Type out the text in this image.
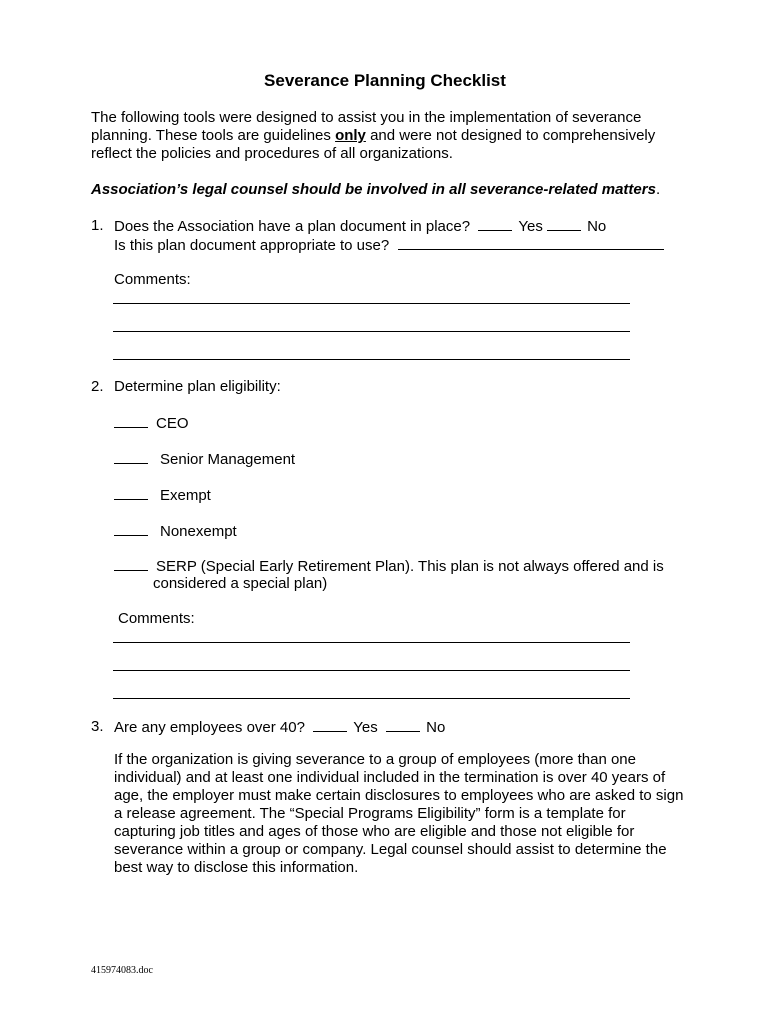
Severance Planning Checklist
The following tools were designed to assist you in the implementation of severance planning. These tools are guidelines only and were not designed to comprehensively reflect the policies and procedures of all organizations.
Association’s legal counsel should be involved in all severance-related matters.
1. Does the Association have a plan document in place?	Yes	No
Is this plan document appropriate to use?
Comments:
2. Determine plan eligibility:
CEO
Senior Management
Exempt
Nonexempt
SERP (Special Early Retirement Plan). This plan is not always offered and is
considered a special plan)
Comments:
3. Are any employees over 40?	Yes	No
If the organization is giving severance to a group of employees (more than one individual) and at least one individual included in the termination is over 40 years of age, the employer must make certain disclosures to employees who are asked to sign a release agreement. The “Special Programs Eligibility” form is a template for capturing job titles and ages of those who are eligible and those not eligible for severance within a group or company. Legal counsel should assist to determine the best way to disclose this information.
415974083.doc
